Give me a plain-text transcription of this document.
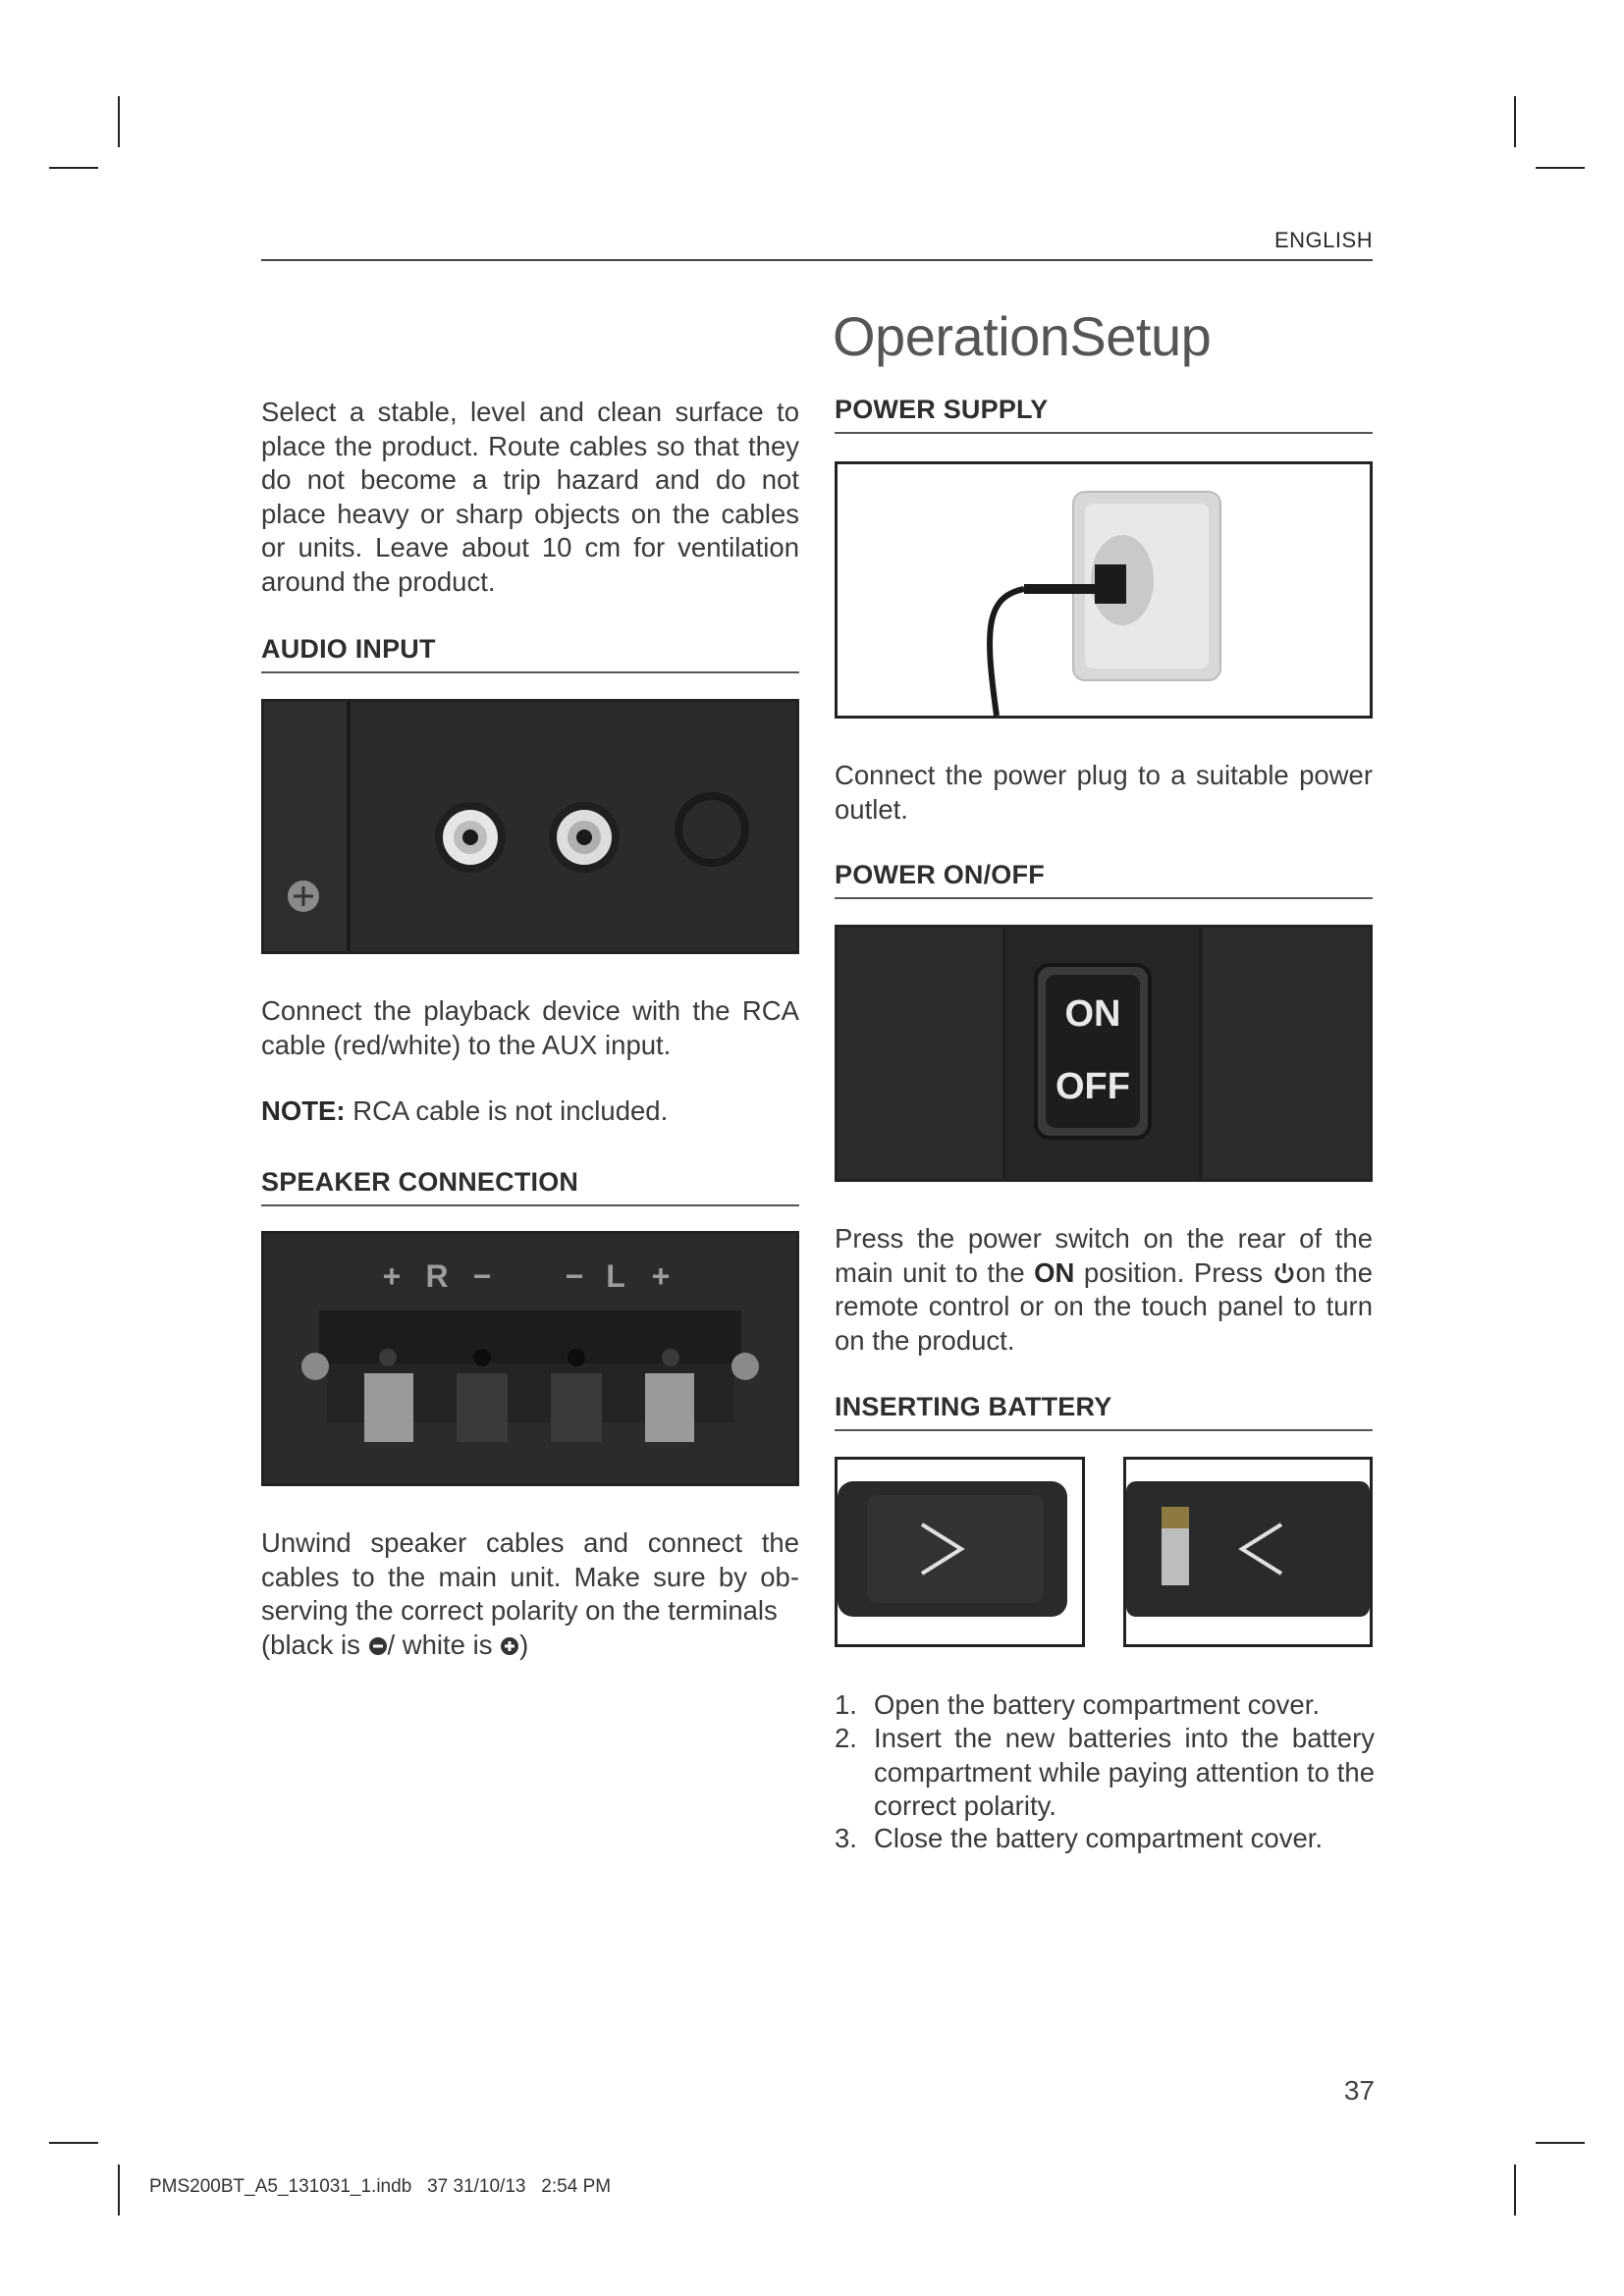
ENGLISH
OperationSetup

Select a stable, level and clean surface to place the product. Route cables so that they do not become a trip hazard and do not place heavy or sharp objects on the cables or units. Leave about 10 cm for ventilation around the product.

AUDIO INPUT

Connect the playback device with the RCA cable (red/white) to the AUX input.

NOTE: RCA cable is not included.

SPEAKER CONNECTION
+ R − − L +

Unwind speaker cables and connect the cables to the main unit. Make sure by ob-serving the correct polarity on the terminals
(black is / white is )

POWER SUPPLY

Connect the power plug to a suitable power outlet.

POWER ON/OFF
ON
OFF

Press the power switch on the rear of the main unit to the ON position. Press on the remote control or on the touch panel to turn on the product.

INSERTING BATTERY
1. Open the battery compartment cover.
2. Insert the new batteries into the battery compartment while paying attention to the correct polarity.
3. Close the battery compartment cover.
37
PMS200BT_A5_131031_1.indb   37 31/10/13   2:54 PM
